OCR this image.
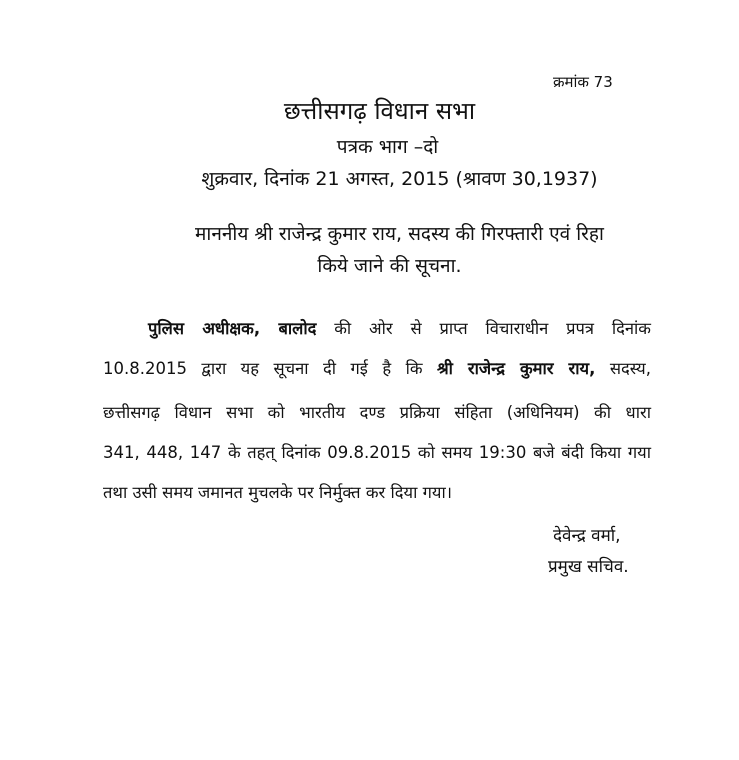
क्रमांक 73
छत्तीसगढ़ विधान सभा
पत्रक भाग –दो
शुक्रवार, दिनांक 21 अगस्त, 2015 (श्रावण 30,1937)
माननीय श्री राजेन्द्र कुमार राय, सदस्य की गिरफ्तारी एवं रिहा
किये जाने की सूचना.
पुलिस अधीक्षक, बालोद की ओर से प्राप्त विचाराधीन प्रपत्र दिनांक
10.8.2015 द्वारा यह सूचना दी गई है कि श्री राजेन्द्र कुमार राय, सदस्य,
छत्तीसगढ़ विधान सभा को भारतीय दण्ड प्रक्रिया संहिता (अधिनियम) की धारा
341, 448, 147 के तहत् दिनांक 09.8.2015 को समय 19:30 बजे बंदी किया गया
तथा उसी समय जमानत मुचलके पर निर्मुक्त कर दिया गया।
देवेन्द्र वर्मा,
प्रमुख सचिव.
